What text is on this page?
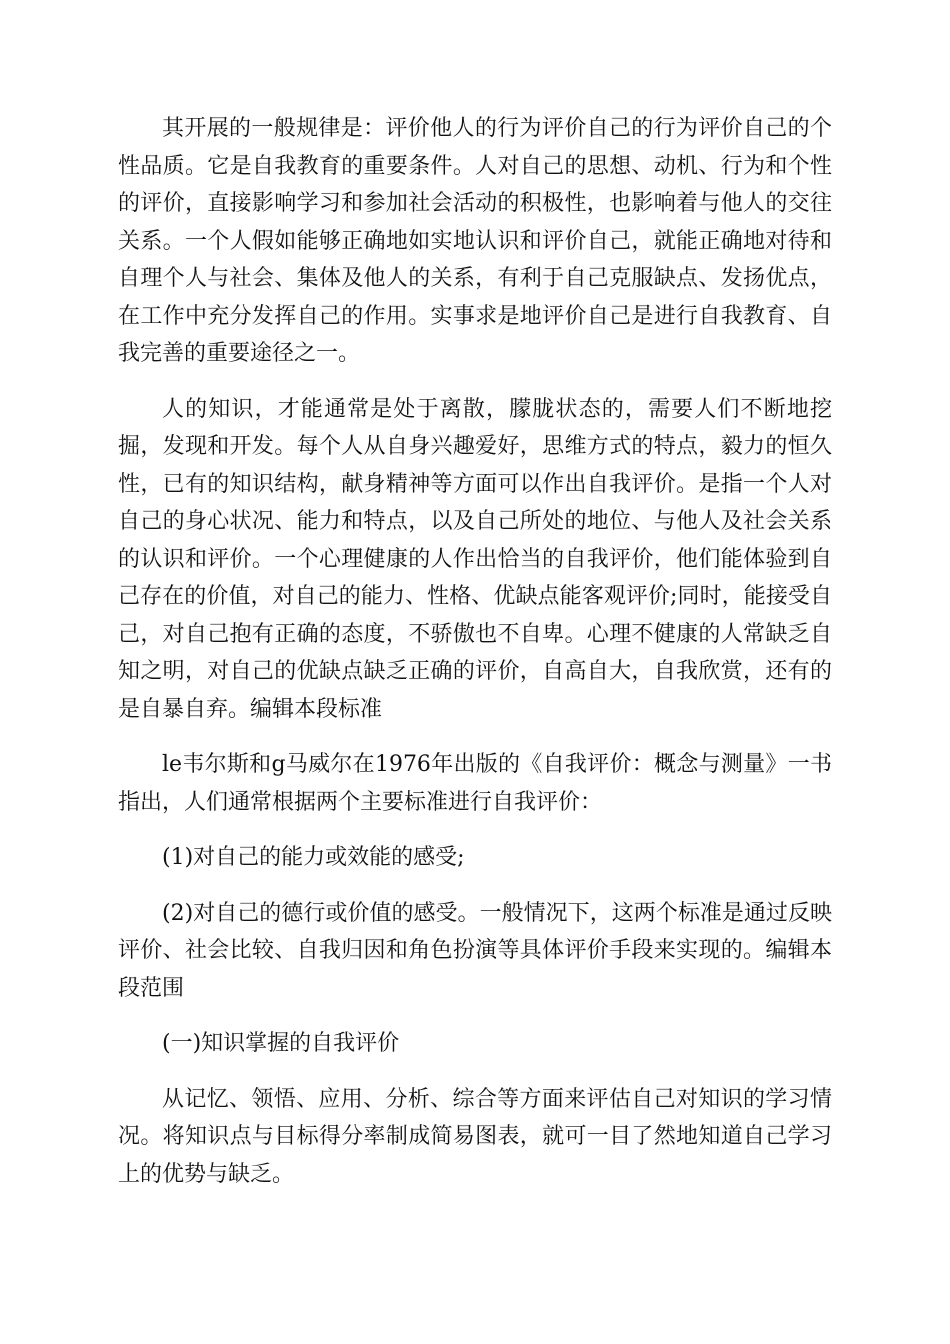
其开展的一般规律是：评价他人的行为评价自己的行为评价自己的个性品质。它是自我教育的重要条件。人对自己的思想、动机、行为和个性的评价，直接影响学习和参加社会活动的积极性，也影响着与他人的交往关系。一个人假如能够正确地如实地认识和评价自己，就能正确地对待和自理个人与社会、集体及他人的关系，有利于自己克服缺点、发扬优点，在工作中充分发挥自己的作用。实事求是地评价自己是进行自我教育、自我完善的重要途径之一。

人的知识，才能通常是处于离散，朦胧状态的，需要人们不断地挖掘，发现和开发。每个人从自身兴趣爱好，思维方式的特点，毅力的恒久性，已有的知识结构，献身精神等方面可以作出自我评价。是指一个人对自己的身心状况、能力和特点，以及自己所处的地位、与他人及社会关系的认识和评价。一个心理健康的人作出恰当的自我评价，他们能体验到自己存在的价值，对自己的能力、性格、优缺点能客观评价;同时，能接受自己，对自己抱有正确的态度，不骄傲也不自卑。心理不健康的人常缺乏自知之明，对自己的优缺点缺乏正确的评价，自高自大，自我欣赏，还有的是自暴自弃。编辑本段标准

le韦尔斯和g马威尔在1976年出版的《自我评价：概念与测量》一书指出，人们通常根据两个主要标准进行自我评价：

(1)对自己的能力或效能的感受;

(2)对自己的德行或价值的感受。一般情况下，这两个标准是通过反映评价、社会比较、自我归因和角色扮演等具体评价手段来实现的。编辑本段范围

(一)知识掌握的自我评价

从记忆、领悟、应用、分析、综合等方面来评估自己对知识的学习情况。将知识点与目标得分率制成简易图表，就可一目了然地知道自己学习上的优势与缺乏。
